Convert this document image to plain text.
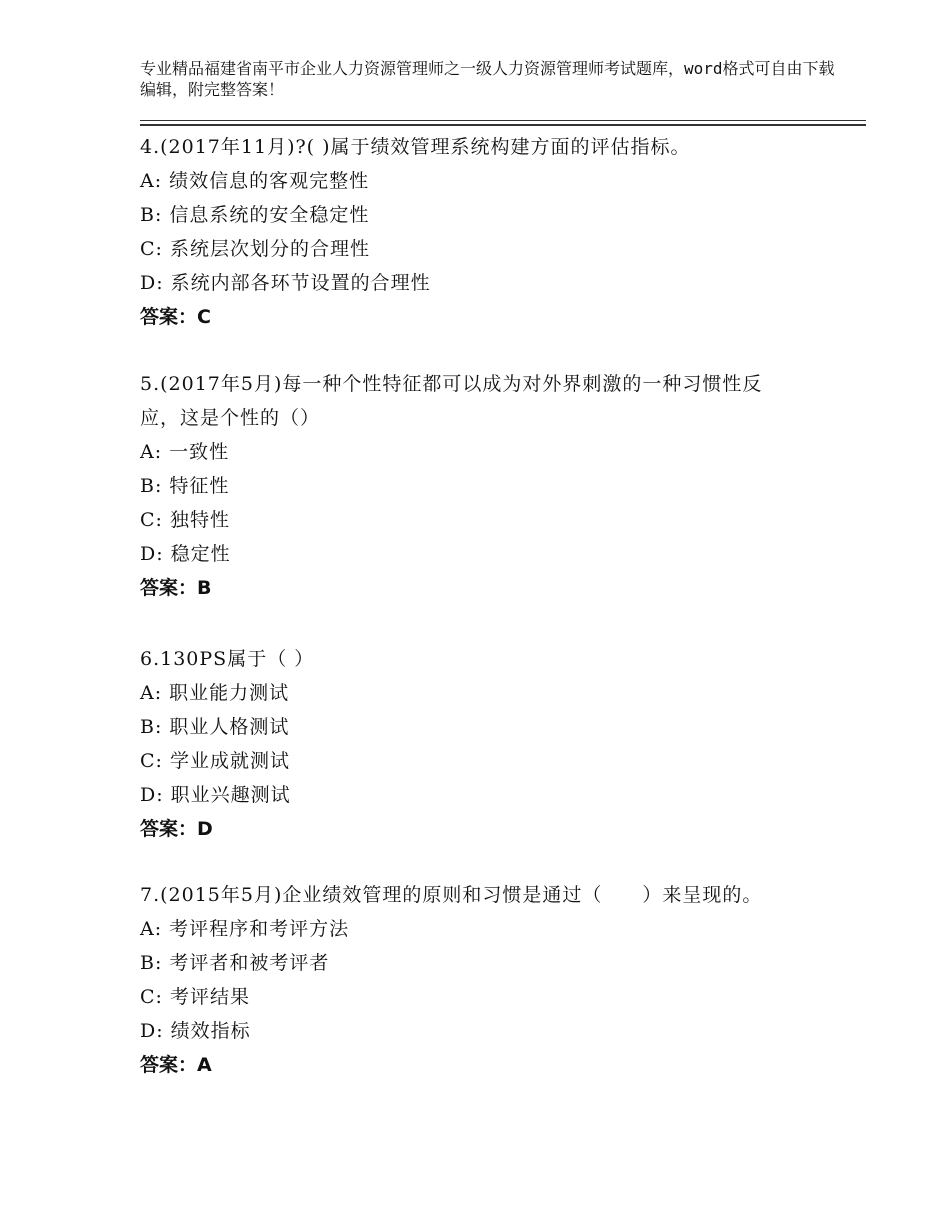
专业精品福建省南平市企业人力资源管理师之一级人力资源管理师考试题库，word格式可自由下载编辑，附完整答案！

4.(2017年11月)?( )属于绩效管理系统构建方面的评估指标。

A: 绩效信息的客观完整性

B: 信息系统的安全稳定性

C: 系统层次划分的合理性

D: 系统内部各环节设置的合理性

答案：C

5.(2017年5月)每一种个性特征都可以成为对外界刺激的一种习惯性反应，这是个性的（）

A: 一致性

B: 特征性

C: 独特性

D: 稳定性

答案：B

6.130PS属于（ ）

A: 职业能力测试

B: 职业人格测试

C: 学业成就测试

D: 职业兴趣测试

答案：D

7.(2015年5月)企业绩效管理的原则和习惯是通过（　　）来呈现的。

A: 考评程序和考评方法

B: 考评者和被考评者

C: 考评结果

D: 绩效指标

答案：A
